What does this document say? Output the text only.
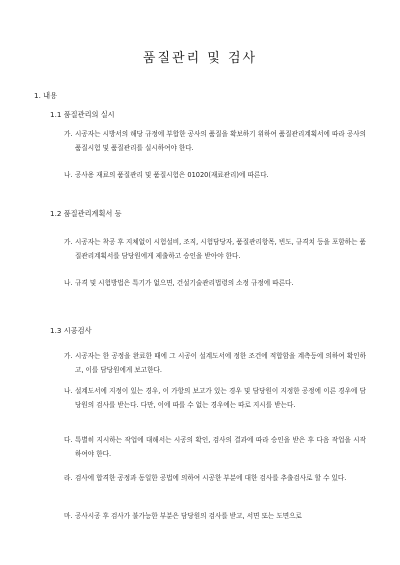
품질관리 및 검사
1. 내용
1.1 품질관리의 실시
가. 시공자는 시방서의 해당 규정에 부합한 공사의 품질을 확보하기 위하여 품질관리계획서에 따라 공사의 품질시험 및 품질관리를 실시하여야 한다.
나. 공사용 재료의 품질관리 및 품질시험은 01020(재료관리)에 따른다.
1.2 품질관리계획서 등
가. 시공자는 착공 후 지체없이 시험설비, 조직, 시험담당자, 품질관리항목, 빈도, 규격치 등을 포함하는 품질관리계획서를 담당원에게 제출하고 승인을 받아야 한다.
나. 규격 및 시험방법은 특기가 없으면, 건설기술관리법령의 소정 규정에 따른다.
1.3 시공검사
가. 시공자는 한 공정을 완료한 때에 그 시공이 설계도서에 정한 조건에 적합함을 계측등에 의하여 확인하고, 이를 담당원에게 보고한다.
나. 설계도서에 지정이 있는 경우, 이 가항의 보고가 있는 경우 및 담당원이 지정한 공정에 이른 경우에 담당원의 검사를 받는다. 다만, 이에 따를 수 없는 경우에는 따로 지시를 받는다.
다. 특별히 지시하는 작업에 대해서는 시공의 확인, 검사의 결과에 따라 승인을 받은 후 다음 작업을 시작하여야 한다.
라. 검사에 합격한 공정과 동일한 공법에 의하여 시공한 부분에 대한 검사를 추출검사로 할 수 있다.
마. 공사시공 후 검사가 불가능한 부분은 담당원의 검사를 받고, 서면 또는 도면으로
